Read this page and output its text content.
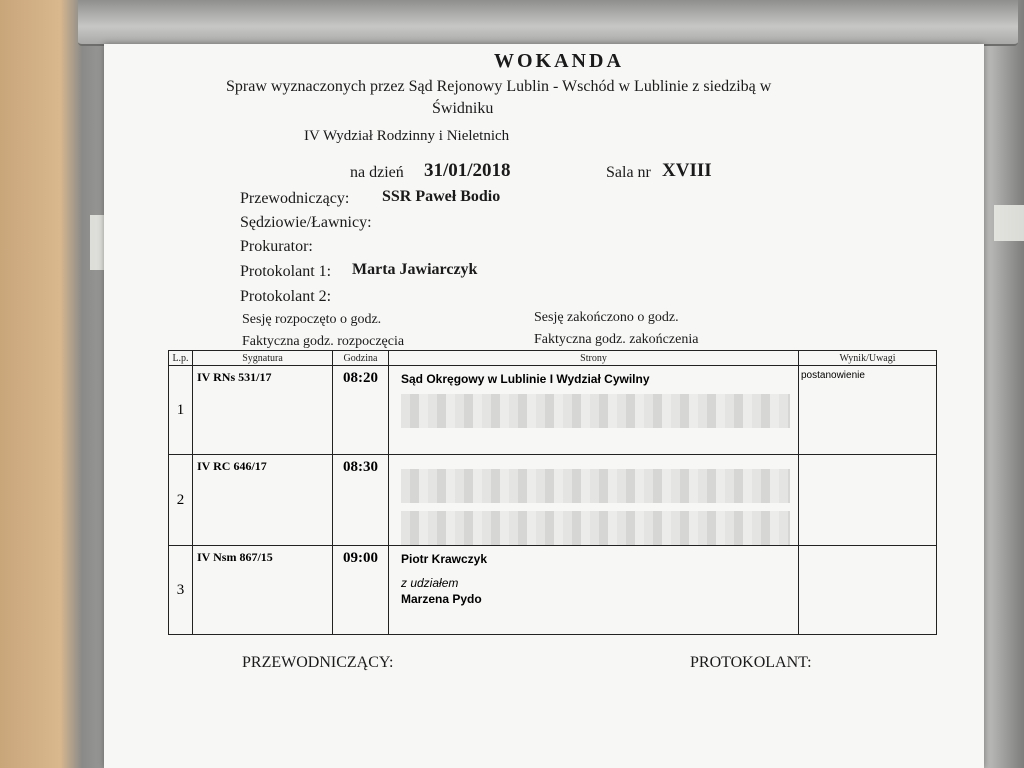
WOKANDA
Spraw wyznaczonych przez Sąd Rejonowy Lublin - Wschód w Lublinie z siedzibą w
Świdniku
IV Wydział Rodzinny i Nieletnich
na dzień 31/01/2018	Sala nr XVIII
Przewodniczący: SSR Paweł Bodio
Sędziowie/Ławnicy:
Prokurator:
Protokolant 1: Marta Jawiarczyk
Protokolant 2:
Sesję rozpoczęto o godz.	Sesję zakończono o godz.
Faktyczna godz. rozpoczęcia	Faktyczna godz. zakończenia
L.p.	Sygnatura	Godzina	Strony	Wynik/Uwagi
1	IV RNs 531/17	08:20	Sąd Okręgowy w Lublinie I Wydział Cywilny	postanowienie
2	IV RC 646/17	08:30	

3	IV Nsm 867/15	09:00	Piotr Krawczyk
z udziałem
Marzena Pydo	

PRZEWODNICZĄCY:	PROTOKOLANT:
